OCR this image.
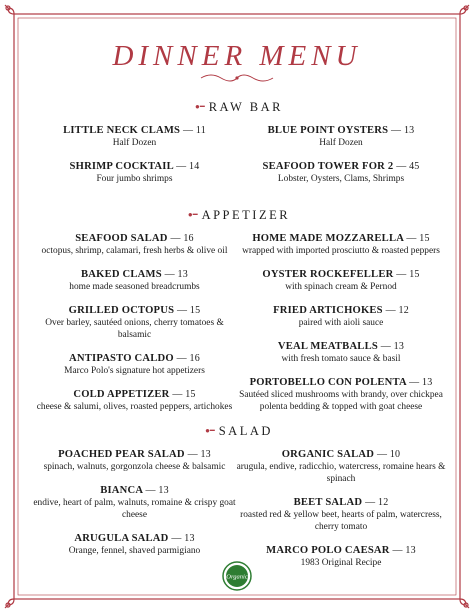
DINNER MENU
●━ RAW BAR
LITTLE NECK CLAMS — 11
Half Dozen
SHRIMP COCKTAIL — 14
Four jumbo shrimps
BLUE POINT OYSTERS — 13
Half Dozen
SEAFOOD TOWER FOR 2 — 45
Lobster, Oysters, Clams, Shrimps
●━ APPETIZER
SEAFOOD SALAD — 16
octopus, shrimp, calamari, fresh herbs & olive oil
BAKED CLAMS — 13
home made seasoned breadcrumbs
GRILLED OCTOPUS — 15
Over barley, sautéed onions, cherry tomatoes & balsamic
ANTIPASTO CALDO — 16
Marco Polo's signature hot appetizers
COLD APPETIZER — 15
cheese & salumi, olives, roasted peppers, artichokes
HOME MADE MOZZARELLA — 15
wrapped with imported prosciutto & roasted peppers
OYSTER ROCKEFELLER — 15
with spinach cream & Pernod
FRIED ARTICHOKES — 12
paired with aioli sauce
VEAL MEATBALLS — 13
with fresh tomato sauce & basil
PORTOBELLO CON POLENTA — 13
Sautéed sliced mushrooms with brandy, over chickpea polenta bedding & topped with goat cheese
●━ SALAD
POACHED PEAR SALAD — 13
spinach, walnuts, gorgonzola cheese & balsamic
BIANCA — 13
endive, heart of palm, walnuts, romaine & crispy goat cheese
ARUGULA SALAD — 13
Orange, fennel, shaved parmigiano
ORGANIC SALAD — 10
arugula, endive, radicchio, watercress, romaine hears & spinach
BEET SALAD — 12
roasted red & yellow beet, hearts of palm, watercress, cherry tomato
MARCO POLO CAESAR — 13
1983 Original Recipe
Organic
